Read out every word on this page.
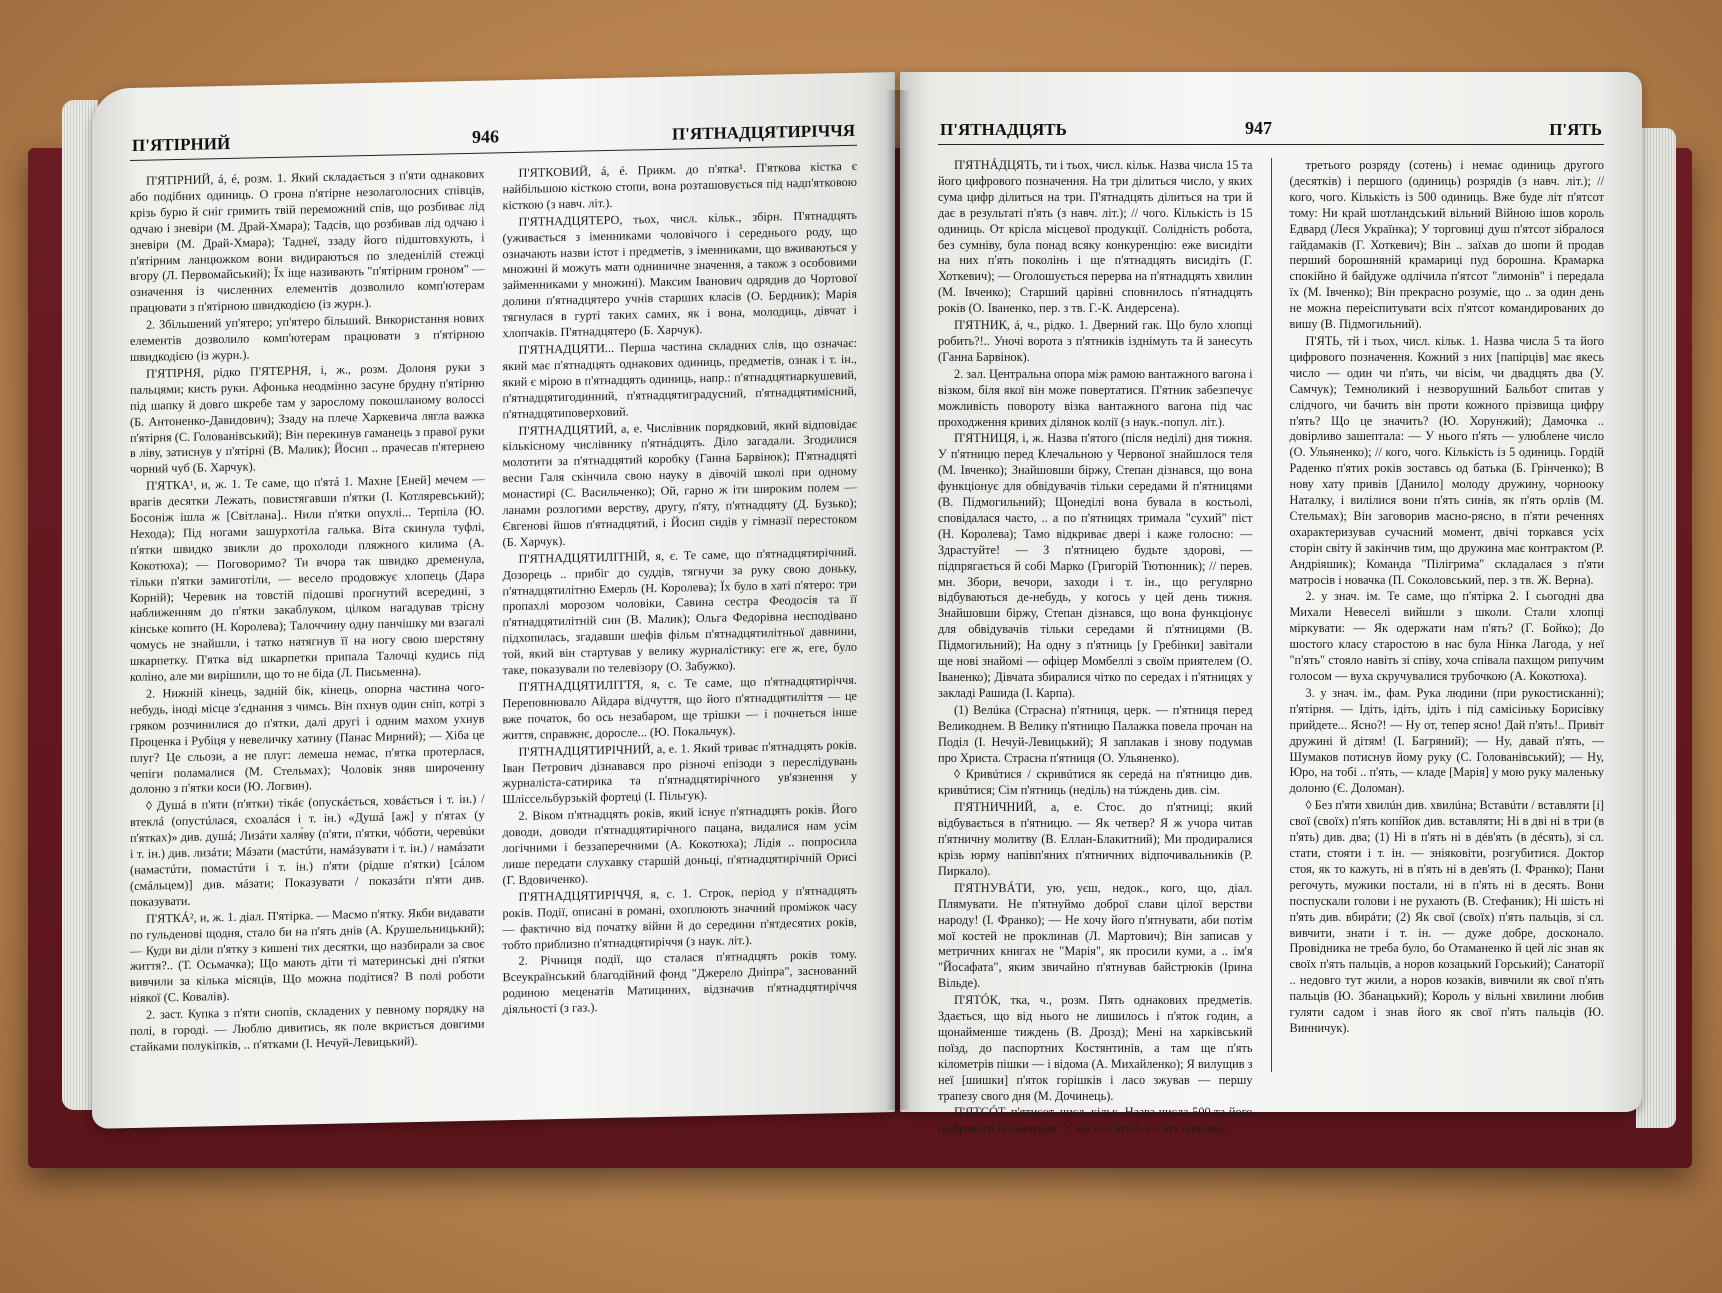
П'ЯТІРНИЙ	946	П'ЯТНАДЦЯТИРІЧЧЯ

П'ЯТІРНИЙ, á, é, розм. 1. Який складається з п'яти однакових або подібних одиниць. О грона п'ятірне незолаголосних співців, крізь бурю й сніг гримить твій переможний спів, що розбиває лід одчаю і зневіри (М. Драй-Хмара); Тадсів, що розбивав лід одчаю і зневіри (М. Драй-Хмара); Таднеї, ззаду його підштовхують, і п'ятірним ланцюжком вони видираються по зледенілій стежці вгору (Л. Первомайський); Їх іще називають "п'ятірним гроном" — означення із численних елементів дозволило комп'ютерам працювати з п'ятірною швидкодією (із журн.).

2. Збільшений уп'ятеро; уп'ятеро більший. Використання нових елементів дозволило комп'ютерам працювати з п'ятірною швидкодією (із журн.).

П'ЯТІРНЯ, рідко П'ЯТЕРНЯ, і, ж., розм. Долоня руки з пальцями; кисть руки. Афонька неодмінно засуне брудну п'ятірню під шапку й довго шкребе там у зарослому покошланому волоссі (Б. Антоненко-Давидович); Ззаду на плече Харкевича лягла важка п'ятірня (С. Голованівський); Він перекинув гаманець з правої руки в ліву, затиснув у п'ятірні (В. Малик); Йосип .. прачесав п'ятернею чорний чуб (Б. Харчук).

П'ЯТКА¹, и, ж. 1. Те саме, що п'ятá 1. Махне [Еней] мечем — врагів десятки Лежать, повистягавши п'ятки (І. Котляревський); Босоніж ішла ж [Світлана].. Нили п'ятки опухлі... Терпіла (Ю. Нехода); Під ногами зашурхотіла галька. Віта скинула туфлі, п'ятки швидко звикли до прохолоди пляжного килима (А. Кокотюха); — Поговоримо? Ти вчора так швидко дременула, тільки п'ятки замиготіли, — весело продовжує хлопець (Дара Корній); Черевик на товстій підошві прогнутий всередині, з наближенням до п'ятки закаблуком, цілком нагадував трісну кінське копито (Н. Королева); Талоччину одну панчішку ми взагалі чомусь не знайшли, і татко натягнув її на ногу свою шерстяну шкарпетку. П'ятка від шкарпетки припала Талочці кудись під коліно, але ми вирішили, що то не біда (Л. Письменна).

2. Нижній кінець, задній бік, кінець, опорна частина чого-небудь, іноді місце з'єднання з чимсь. Він пхнув один сніп, котрі з гряком розчинилися до п'ятки, далі другі і одним махом ухнув Проценка і Рубіця у невеличку хатину (Панас Мирний); — Хіба це плуг? Це сльози, а не плуг: лемеша немає, п'ятка протерлася, чепіги поламалися (М. Стельмах); Чоловік зняв широченну долоню з п'ятки коси (Ю. Логвин).

◊ Душá в п'яти (п'ятки) тікáє (опускáється, ховáється і т. ін.) / втеклá (опустúлася, схоалáся і т. ін.) «Душá [аж] у п'ятах (у п'ятках)» див. душá; Лизáти халя́ву (п'яти, п'ятки, чóботи, черевúки і т. ін.) див. лизáти; Мáзати (мастúти, намáзувати і т. ін.) / намáзати (намастúти, помастúти і т. ін.) п'яти (рідше п'ятки) [сáлом (смáльцем)] див. мáзати; Показувати / показáти п'яти див. показувати.

П'ЯТКÁ², и, ж. 1. діал. П'ятірка. — Масмо п'ятку. Якби видавати по гульденові щодня, стало би на п'ять днів (А. Крушельницький); — Куди ви діли п'ятку з кишені тих десятки, що назбирали за своє життя?.. (Т. Осьмачка); Що мають діти ті материнські дні п'ятки вивчили за кілька місяців, Що можна подітися? В полі роботи ніякої (С. Ковалів).

2. заст. Купка з п'яти снопів, складених у певному порядку на полі, в городі. — Люблю дивитись, як поле вкриється довгими стайками полукіпків, .. п'ятками (І. Нечуй-Левицький).

П'ЯТКОВИЙ, á, é. Прикм. до п'ятка¹. П'яткова кістка є найбільшою кісткою стопи, вона розташовується під надп'ятковою кісткою (з навч. літ.).

П'ЯТНАДЦЯТЕРО, тьох, числ. кільк., збірн. П'ятнадцять (уживається з іменниками чоловічого і середнього роду, що означають назви істот і предметів, з іменниками, що вживаються у множині й можуть мати одниничне значення, а також з особовими займенниками у множині). Максим Іванович одрядив до Чортової долини п'ятнадцятеро учнів старших класів (О. Бердник); Марія тягнулася в гурті таких самих, як і вона, молодиць, дівчат і хлопчаків. П'ятнадцятеро (Б. Харчук).

П'ЯТНАДЦЯТИ... Перша частина складних слів, що означає: який має п'ятнадцять однакових одиниць, предметів, ознак і т. ін., який є мірою в п'ятнадцять одиниць, напр.: п'ятнадцятиаркушевий, п'ятнадцятигодинний, п'ятнадцятиградусний, п'ятнадцятимісний, п'ятнадцятиповерховий.

П'ЯТНАДЦЯТИЙ, а, е. Числівник порядковий, який відповідає кількісному числівнику п'ятнáдцять. Діло загадали. Згодилися молотити за п'ятнадцятий коробку (Ганна Барвінок); П'ятнадцяті весни Галя скінчила свою науку в дівочій школі при одному монастирі (С. Васильченко); Ой, гарно ж іти широким полем — ланами розлогими верству, другу, п'яту, п'ятнадцяту (Д. Бузько); Євгенові йшов п'ятнадцятий, і Йосип сидів у гімназії перестоком (Б. Харчук).

П'ЯТНАДЦЯТИЛІТНІЙ, я, є. Те саме, що п'ятнадцятирічний. Дозорець .. прибіг до суддів, тягнучи за руку свою доньку, п'ятнадцятилітню Емерль (Н. Королева); Їх було в хаті п'ятеро: три пропахлі морозом чоловіки, Савина сестра Феодосія та її п'ятнадцятилітній син (В. Малик); Ольга Федорівна несподівано підхопилась, згадавши шефів фільм п'ятнадцятилітньої давнини, той, який він стартував у велику журналістику: еге ж, еге, було таке, показували по телевізору (О. Забужко).

П'ЯТНАДЦЯТИЛІТТЯ, я, с. Те саме, що п'ятнадцятиріччя. Переповнювало Айдара відчуття, що його п'ятнадцятиліття — це вже початок, бо ось незабаром, ще трішки — і почнеться інше життя, справжнє, доросле... (Ю. Покальчук).

П'ЯТНАДЦЯТИРІЧНИЙ, а, е. 1. Який триває п'ятнадцять років. Іван Петрович дізнавався про різночі епізоди з переслідувань журналіста-сатирика та п'ятнадцятирічного ув'язнення у Шліссельбурзькій фортеці (І. Пільгук).

2. Віком п'ятнадцять років, який існує п'ятнадцять років. Його доводи, доводи п'ятнадцятирічного пацана, видалися нам усім логічними і беззаперечними (А. Кокотюха); Лідія .. попросила лише передати слухавку старшій доньці, п'ятнадцятирічній Орисі (Г. Вдовиченко).

П'ЯТНАДЦЯТИРІЧЧЯ, я, с. 1. Строк, період у п'ятнадцять років. Події, описані в романі, охоплюють значний проміжок часу — фактично від початку війни й до середини п'ятдесятих років, тобто приблизно п'ятнадцятиріччя (з наук. літ.).

2. Річниця події, що сталася п'ятнадцять років тому. Всеукраїнський благодійний фонд "Джерело Дніпра", заснований родиною меценатів Матициних, відзначив п'ятнадцятиріччя діяльності (з газ.).

П'ЯТНАДЦЯТЬ	947	П'ЯТЬ

П'ЯТНÁДЦЯТЬ, ти і тьох, числ. кільк. Назва числа 15 та його цифрового позначення. На три ділиться число, у яких сума цифр ділиться на три. П'ятнадцять ділиться на три й дає в результаті п'ять (з навч. літ.); // чого. Кількість із 15 одиниць. От крісла місцевої продукції. Солідність робота, без сумніву, була понад всяку конкуренцію: еже висидіти на них п'ять поколінь і ще п'ятнадцять висидіть (Г. Хоткевич); — Оголошується перерва на п'ятнадцять хвилин (М. Івченко); Старший царівні сповнилось п'ятнадцять років (О. Іваненко, пер. з тв. Г.-К. Андерсена).

П'ЯТНИК, á, ч., рідко. 1. Дверний гак. Що було хлопці робить?!.. Уночі ворота з п'ятників ізднімуть та й занесуть (Ганна Барвінок).

2. зал. Центральна опора між рамою вантажного вагона і візком, біля якої він може повертатися. П'ятник забезпечує можливість повороту візка вантажного вагона під час проходження кривих ділянок колії (з наук.-попул. літ.).

П'ЯТНИЦЯ, і, ж. Назва п'ятого (після неділі) дня тижня. У п'ятницю перед Клечальною у Червоної знайшлося теля (М. Івченко); Знайшовши біржу, Степан дізнався, що вона функціонує для обвідувачів тільки середами й п'ятницями (В. Підмогильний); Щонеділі вона бувала в костьолі, сповідалася часто, .. а по п'ятницях тримала "сухий" піст (Н. Королева); Тамо відкриває двері і каже голосно: — Здрастуйте! — З п'ятницею будьте здорові, — підпрягається й собі Марко (Григорій Тютюнник); // перев. мн. Збори, вечори, заходи і т. ін., що регулярно відбуваються де-небудь, у когось у цей день тижня. Знайшовши біржу, Степан дізнався, що вона функціонує для обвідувачів тільки середами й п'ятницями (В. Підмогильний); На одну з п'ятниць [у Гребінки] завітали ще нові знайомі — офіцер Момбеллі з своїм приятелем (О. Іваненко); Дівчата збиралися чітко по середах і п'ятницях у закладі Рашида (І. Карпа).

(1) Велúка (Страсна) п'ятниця, церк. — п'ятниця перед Великоднем. В Велику п'ятницю Палажка повела прочан на Поділ (І. Нечуй-Левицький); Я заплакав і знову подумав про Христа. Страсна п'ятниця (О. Ульяненко).

◊ Кривúтися / скривúтися як середá на п'ятницю див. кривúтися; Сім п'ятниць (неділь) на тúждень див. сім.

П'ЯТНИЧНИЙ, а, е. Стос. до п'ятниці; який відбувається в п'ятницю. — Як четвер? Я ж учора читав п'ятничну молитву (В. Еллан-Блакитний); Ми продиралися крізь юрму напівп'яних п'ятничних відпочивальників (Р. Пиркало).

П'ЯТНУВÁТИ, ую, уєш, недок., кого, що, діал. Плямувати. Не п'ятнуймо доброї слави цілої верстви народу! (І. Франко); — Не хочу його п'ятнувати, аби потім мої костей не проклинав (Л. Мартович); Він записав у метричних книгах не "Марія", як просили куми, а .. ім'я "Йосафата", яким звичайно п'ятнував байстрюків (Ірина Вільде).

П'ЯТÓК, тка, ч., розм. Пять однакових предметів. Здається, що від нього не лишилось і п'яток годин, а щонайменше тиждень (В. Дрозд); Мені на харківський поїзд, до паспортних Костянтинів, а там ще п'ять кілометрів пішки — і відома (А. Михайленко); Я вилущив з неї [шишки] п'яток горішків і ласо зжував — першу трапезу свого дня (М. Дочинець).

П'ЯТСÓТ, п'ятисот, числ. кільк. Назва числа 500 та його цифрового позначення. У числі п'ятсот є п'ять одиниць

третього розряду (сотень) і немає одиниць другого (десятків) і першого (одиниць) розрядів (з навч. літ.); // кого, чого. Кількість із 500 одиниць. Вже буде літ п'ятсот тому: Ни край шотландський вільний Війною ішов король Едвард (Леся Українка); У торговиці душ п'ятсот зібралося гайдамаків (Г. Хоткевич); Він .. заїхав до шопи й продав перший борошняній крамариці пуд борошна. Крамарка спокійно й байдуже одлічила п'ятсот "лимонів" і передала їх (М. Івченко); Він прекрасно розуміє, що .. за один день не можна переіспитувати всіх п'ятсот командированих до вишу (В. Підмогильний).

П'ЯТЬ, тй і тьох, числ. кільк. 1. Назва числа 5 та його цифрового позначення. Кожний з них [папірців] має якесь число — один чи п'ять, чи вісім, чи двадцять два (У. Самчук); Темноликий і незворушний Бальбот спитав у слідчого, чи бачить він проти кожного прізвища цифру п'ять? Що це значить? (Ю. Хорунжий); Дамочка .. довірливо зашептала: — У нього п'ять — улюблене число (О. Ульяненко); // кого, чого. Кількість із 5 одиниць. Гордій Раденко п'ятих років зоставсь од батька (Б. Грінченко); В нову хату привів [Данило] молоду дружину, чорноокy Наталку, і вилілися вони п'ять синів, як п'ять орлів (М. Стельмах); Він заговорив масно-рясно, в п'яти реченнях охарактеризував сучасний момент, двічі торкався усіх сторін світу й закінчив тим, що дружина має контрактом (Р. Андріяшик); Команда "Пілігрима" складалася з п'яти матросів і новачка (П. Соколовський, пер. з тв. Ж. Верна).

2. у знач. ім. Те саме, що п'ятірка 2. І сьогодні два Михали Невеселі вийшли з школи. Стали хлопці міркувати: — Як одержати нам п'ять? (Г. Бойко); До шостого класу старостою в нас була Нінка Лагода, у неї "п'ять" стояло навіть зі співу, хоча співала пахщом рипучим голосом — вуха скручувалися трубочкою (А. Кокотюха).

3. у знач. ім., фам. Рука людини (при рукостисканні); п'ятірня. — Ідіть, ідіть, ідіть і під самісіньку Борисівку прийдете... Ясно?! — Ну от, тепер ясно! Дай п'ять!.. Привіт дружині й дітям! (І. Багряний); — Ну, давай п'ять, — Шумаков потиснув йому руку (С. Голованівський); — Ну, Юро, на тобі .. п'ять, — кладе [Марія] у мою руку маленьку долоню (Є. Доломан).

◊ Без п'яти хвилúн див. хвилúна; Вставúти / вставляти [і] свої (своїх) п'ять копíйок див. вставляти; Ні в дві ні в три (в п'ять) див. два; (1) Ні в п'ять ні в дéв'ять (в дéсять), зі сл. стати, стояти і т. ін. — зніяковіти, розгубитися. Доктор стоя, як то кажуть, ні в п'ять ні в дев'ять (І. Франко); Пани регочуть, мужики постали, ні в п'ять ні в десять. Вони поспускали голови і не рухають (В. Стефаник); Ні шість ні п'ять див. вбирáти; (2) Як свої (своїх) п'ять пальців, зі сл. вивчити, знати і т. ін. — дуже добре, досконало. Провідника не треба було, бо Отаманенко й цей ліс знав як своїх п'ять пальців, а норов козацький Горський); Санаторії .. недовго тут жили, а норов козаків, вивчили як свої п'ять пальців (Ю. Збанацький); Король у вільні хвилини любив гуляти садом і знав його як свої п'ять пальців (Ю. Винничук).
